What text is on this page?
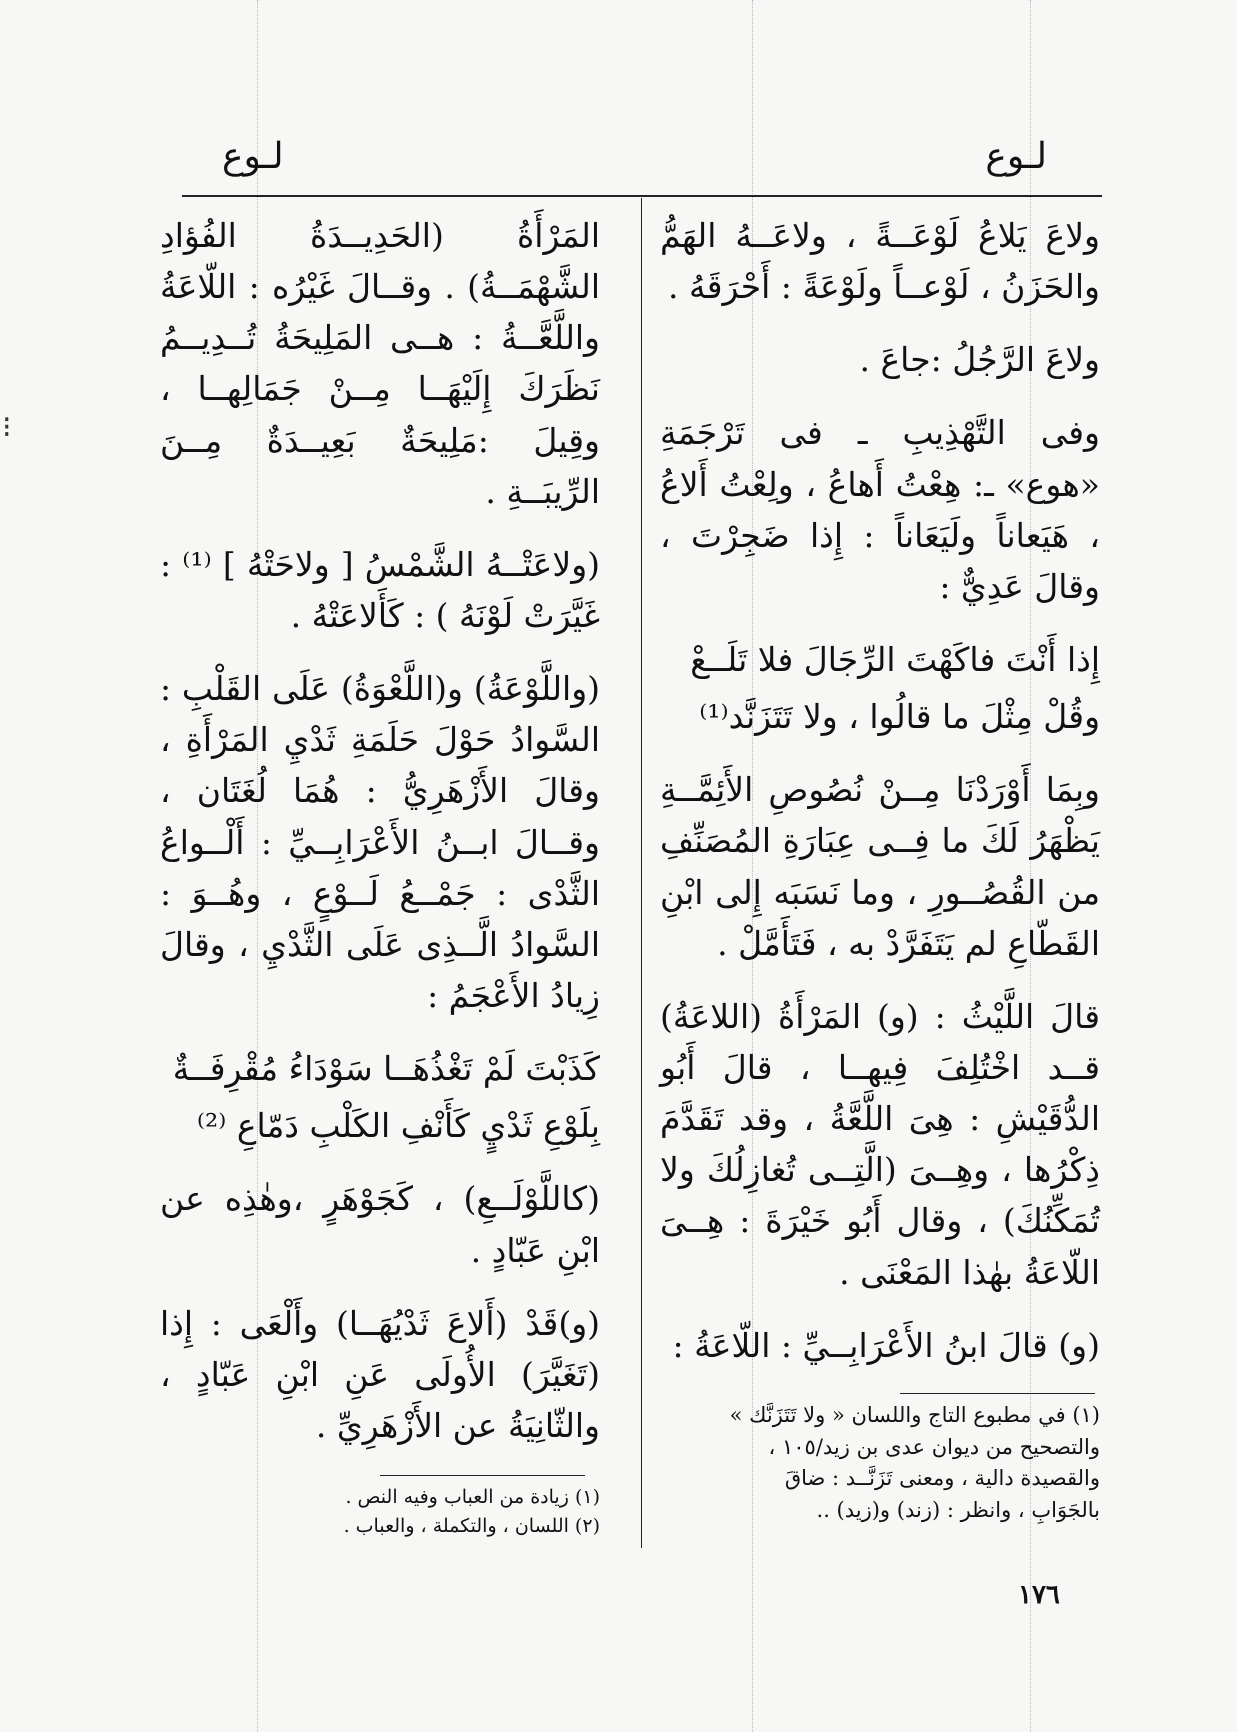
⁝
لـوع
لـوع

ولاعَ يَلاعُ لَوْعَــةً ، ولاعَــهُ الهَمُّ والحَزَنُ ، لَوْعــاً ولَوْعَةً : أَحْرَقَهُ .

ولاعَ الرَّجُلُ :جاعَ .

وفى التَّهْذِيبِ ـ فى تَرْجَمَةِ «هوع» ـ: هِعْتُ أَهاعُ ، ولِعْتُ أَلاعُ ، هَيَعاناً ولَيَعَاناً : إِذا ضَجِرْتَ ، وقالَ عَدِيٌّ :

إِذا أَنْتَ فاكَهْتَ الرِّجَالَ فلا تَلَــعْ

وقُلْ مِثْلَ ما قالُوا ، ولا تَتَزَنَّد⁽¹⁾

وبِمَا أَوْرَدْنَا مِــنْ نُصُوصِ الأَئِمَّــةِ يَظْهَرُ لَكَ ما فِــى عِبَارَةِ المُصَنِّفِ من القُصُــورِ ، وما نَسَبَه إِلى ابْنِ القَطّاعِ لم يَتَفَرَّدْ به ، فَتَأَمَّلْ .

قالَ اللَّيْثُ : (و) المَرْأَةُ (اللاعَةُ) قــد اخْتُلِفَ فِيهــا ، قالَ أَبُو الدُّقَيْشِ : هِىَ اللَّعَّةُ ، وقد تَقَدَّمَ ذِكْرُها ، وهِــىَ (الَّتِــى تُغازِلُكَ ولا تُمَكِّنُكَ) ، وقال أَبُو خَيْرَةَ : هِــىَ اللّاعَةُ بهٰذا المَعْنَى .

(و) قالَ ابنُ الأَعْرَابِــيِّ : اللّاعَةُ :

المَرْأَةُ (الحَدِيــدَةُ الفُؤادِ الشَّهْمَــةُ) . وقــالَ غَيْرُه : اللّاعَةُ واللَّعَّــةُ : هــى المَلِيحَةُ تُــدِيــمُ نَظَرَكَ إِلَيْهَــا مِــنْ جَمَالِهــا ، وقِيلَ :مَلِيحَةٌ بَعِيــدَةٌ مِــنَ الرِّيبَــةِ .

(ولاعَتْــهُ الشَّمْسُ [ ولاحَتْهُ ] ⁽¹⁾ : غَيَّرَتْ لَوْنَهُ ) : كَأَلاعَتْهُ .

(واللَّوْعَةُ) و(اللَّعْوَةُ) عَلَى القَلْبِ : السَّوادُ حَوْلَ حَلَمَةِ ثَدْيِ المَرْأَةِ ، وقالَ الأَزْهَرِيُّ : هُمَا لُغَتَان ، وقــالَ ابــنُ الأَعْرَابِــيِّ : أَلْــواعُ الثَّدْى : جَمْــعُ لَــوْعٍ ، وهُــوَ : السَّوادُ الَّــذِى عَلَى الثَّدْيِ ، وقالَ زِيادُ الأَعْجَمُ :

كَذَبْتَ لَمْ تَغْذُهَــا سَوْدَاءُ مُقْرِفَــةٌ

بِلَوْعِ ثَدْيٍ كَأَنْفِ الكَلْبِ دَمّاعِ ⁽²⁾

(كاللَّوْلَــعِ) ، كَجَوْهَرٍ ،وهٰذِه عن ابْنِ عَبّادٍ .

(و)قَدْ (أَلاعَ ثَدْيُهَــا) وأَلْعَى : إِذا (تَغَيَّرَ) الأُولَى عَنِ ابْنِ عَبّادٍ ، والثّانِيَةُ عن الأَزْهَرِيِّ .	(١) في مطبوع التاج واللسان « ولا تَتَزَنَّك »
والتصحيح من ديوان عدى بن زيد/١٠٥ ،
والقصيدة دالية ، ومعنى تَزَنَّــد : ضاقَ
بالجَوَابِ ، وانظر : (زند) و(زيد) ..
(١) زيادة من العباب وفيه النص .
(٢) اللسان ، والتكملة ، والعباب .
١٧٦
